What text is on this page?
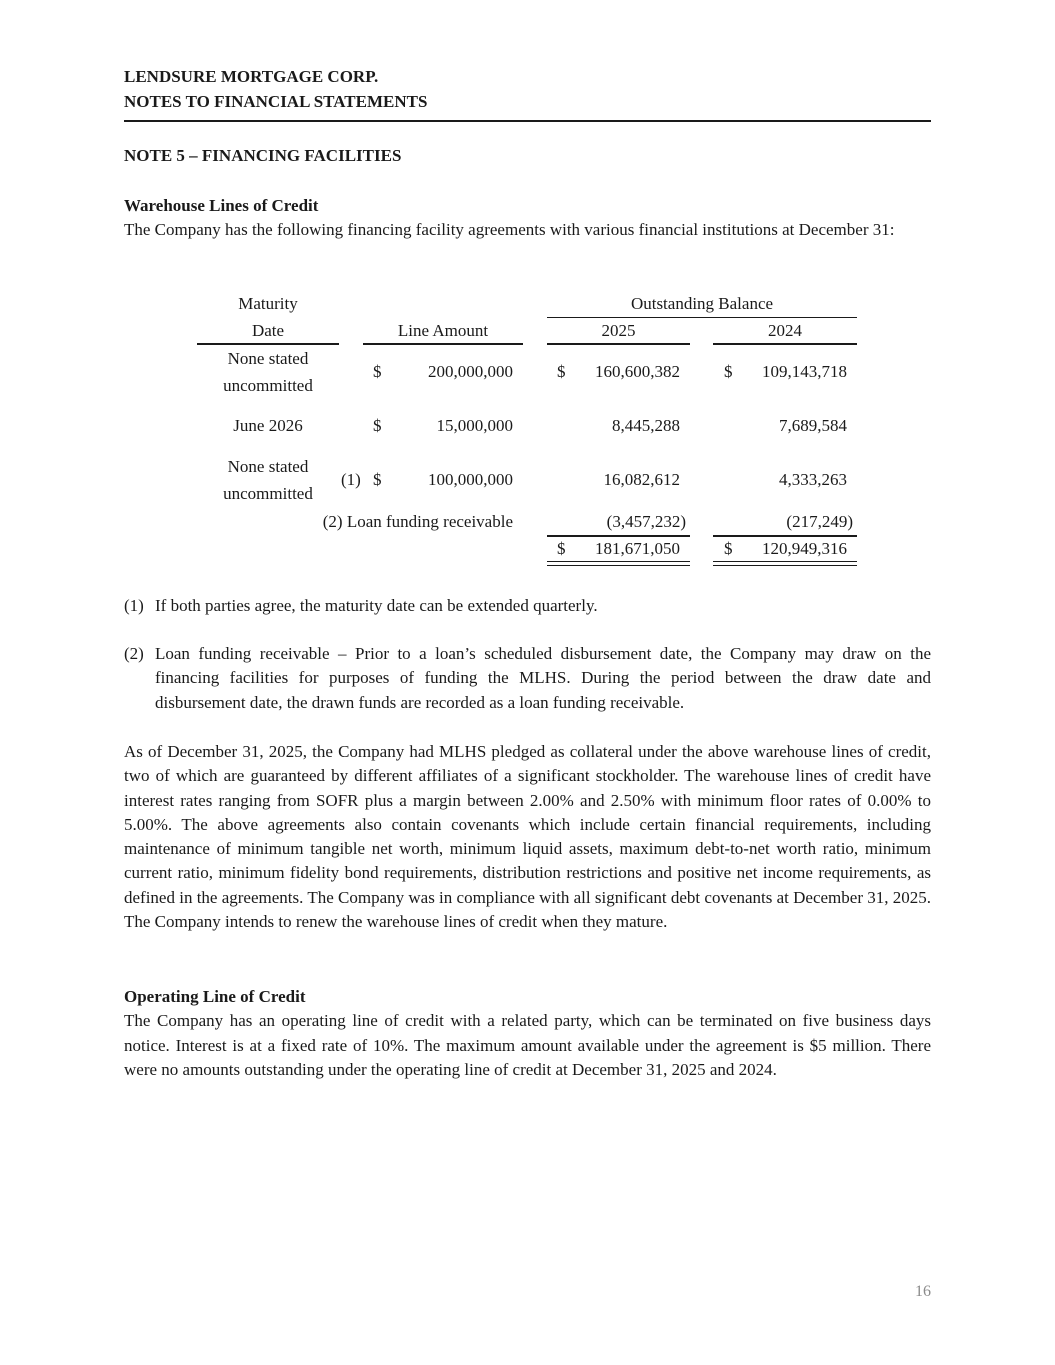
LENDSURE MORTGAGE CORP.
NOTES TO FINANCIAL STATEMENTS
NOTE 5 – FINANCING FACILITIES
Warehouse Lines of Credit

The Company has the following financing facility agreements with various financial institutions at December 31:

Maturity
Date	Line Amount
Outstanding Balance
2025	2024
None stated
uncommitted
$	200,000,000	$	160,600,382	$	109,143,718
June 2026	$	15,000,000	8,445,288	7,689,584
None stated
uncommitted
(1) $	100,000,000	16,082,612	4,333,263
(2) Loan funding receivable	(3,457,232)	(217,249)
$	181,671,050	$	120,949,316
(1) If both parties agree, the maturity date can be extended quarterly.
(2) Loan funding receivable – Prior to a loan’s scheduled disbursement date, the Company may draw on the financing facilities for purposes of funding the MLHS. During the period between the draw date and disbursement date, the drawn funds are recorded as a loan funding receivable.

As of December 31, 2025, the Company had MLHS pledged as collateral under the above warehouse lines of credit, two of which are guaranteed by different affiliates of a significant stockholder. The warehouse lines of credit have interest rates ranging from SOFR plus a margin between 2.00% and 2.50% with minimum floor rates of 0.00% to 5.00%. The above agreements also contain covenants which include certain financial requirements, including maintenance of minimum tangible net worth, minimum liquid assets, maximum debt-to-net worth ratio, minimum current ratio, minimum fidelity bond requirements, distribution restrictions and positive net income requirements, as defined in the agreements. The Company was in compliance with all significant debt covenants at December 31, 2025. The Company intends to renew the warehouse lines of credit when they mature.

Operating Line of Credit

The Company has an operating line of credit with a related party, which can be terminated on five business days notice. Interest is at a fixed rate of 10%. The maximum amount available under the agreement is $5 million. There were no amounts outstanding under the operating line of credit at December 31, 2025 and 2024.

16
